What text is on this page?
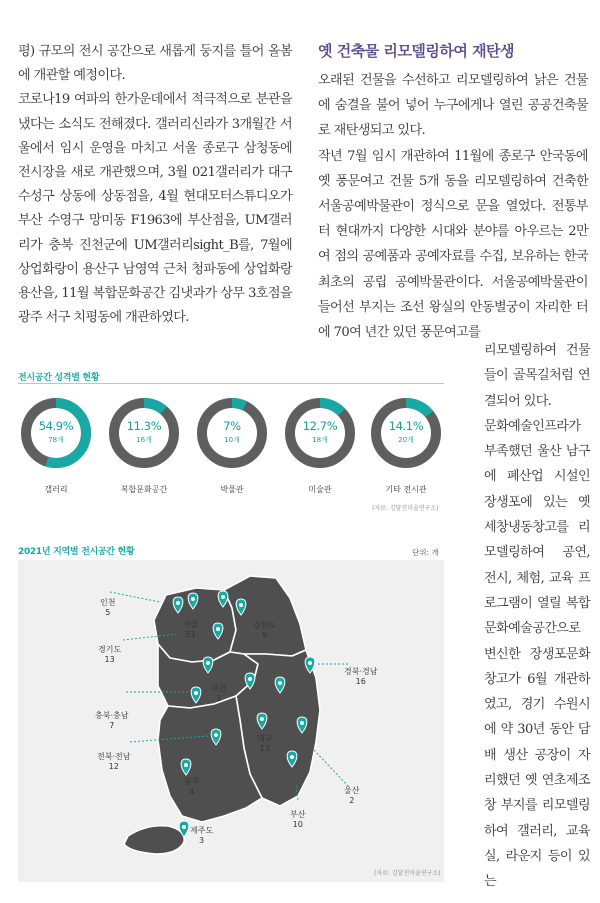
평) 규모의 전시 공간으로 새롭게 둥지를 틀어 올봄에 개관할 예정이다.

코로나19 여파의 한가운데에서 적극적으로 분관을 냈다는 소식도 전해졌다. 갤러리신라가 3개월간 서울에서 임시 운영을 마치고 서울 종로구 삼청동에 전시장을 새로 개관했으며, 3월 021갤러리가 대구 수성구 상동에 상동점을, 4월 현대모터스튜디오가 부산 수영구 망미동 F1963에 부산점을, UM갤러리가 충북 진천군에 UM갤러리sight_B를, 7월에 상업화랑이 용산구 남영역 근처 청파동에 상업화랑 용산을, 11월 복합문화공간 김냇과가 상무 3호점을 광주 서구 치평동에 개관하였다.

옛 건축물 리모델링하여 재탄생

오래된 건물을 수선하고 리모델링하여 낡은 건물에 숨결을 불어 넣어 누구에게나 열린 공공건축물로 재탄생되고 있다.

작년 7월 임시 개관하여 11월에 종로구 안국동에 옛 풍문여고 건물 5개 동을 리모델링하여 건축한 서울공예박물관이 정식으로 문을 열었다. 전통부터 현대까지 다양한 시대와 분야를 아우르는 2만여 점의 공예품과 공예자료를 수집, 보유하는 한국 최초의 공립 공예박물관이다. 서울공예박물관이 들어선 부지는 조선 왕실의 안동별궁이 자리한 터에 70여 년간 있던 풍문여고를

리모델링하여 건물들이 골목길처럼 연결되어 있다.

문화예술인프라가 부족했던 울산 남구에 폐산업 시설인 장생포에 있는 옛 세창냉동창고를 리모델링하여 공연, 전시, 체험, 교육 프로그램이 열릴 복합문화예술공간으로 변신한 장생포문화창고가 6월 개관하였고, 경기 수원시에 약 30년 동안 담배 생산 공장이 자리했던 옛 연초제조창 부지를 리모델링하여 갤러리, 교육실, 라운지 등이 있는

전시공간 성격별 현황
54.9%
78개
11.3%
16개
7%
10개
12.7%
18개
14.1%
20개
갤러리	복합문화공간	박물관	미술관	기타 전시관
(자료: 김달진미술연구소)
2021년 지역별 전시공간 현황	단위: 개
인천
5
서울
51
강원도
5
경기도
13
대전
1
경북·경남
16
충북·충남
7
대구
13
전북·전남
12
광주
4	울산
2
부산
10
제주도
3
(자료: 김달진미술연구소)
